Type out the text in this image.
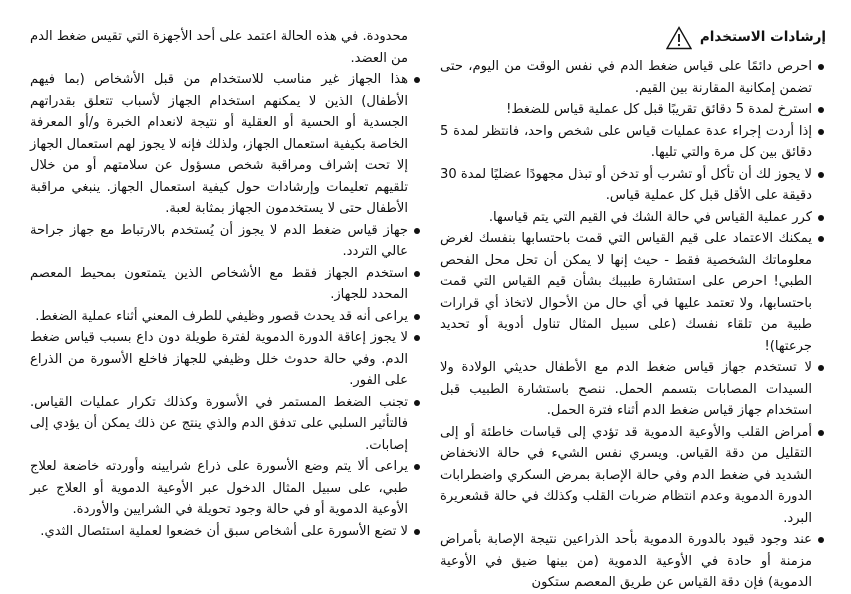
إرشادات الاستخدام
احرص دائمًا على قياس ضغط الدم في نفس الوقت من اليوم، حتى تضمن إمكانية المقارنة بين القيم.
استرخ لمدة 5 دقائق تقريبًا قبل كل عملية قياس للضغط!
إذا أردت إجراء عدة عمليات قياس على شخص واحد، فانتظر لمدة 5 دقائق بين كل مرة والتي تليها.
لا يجوز لك أن تأكل أو تشرب أو تدخن أو تبذل مجهودًا عضليًا لمدة 30 دقيقة على الأقل قبل كل عملية قياس.
كرر عملية القياس في حالة الشك في القيم التي يتم قياسها.
يمكنك الاعتماد على قيم القياس التي قمت باحتسابها بنفسك لغرض معلوماتك الشخصية فقط - حيث إنها لا يمكن أن تحل محل الفحص الطبي! احرص على استشارة طبيبك بشأن قيم القياس التي قمت باحتسابها، ولا تعتمد عليها في أي حال من الأحوال لاتخاذ أي قرارات طبية من تلقاء نفسك (على سبيل المثال تناول أدوية أو تحديد جرعتها)!
لا تستخدم جهاز قياس ضغط الدم مع الأطفال حديثي الولادة ولا السيدات المصابات بتسمم الحمل. ننصح باستشارة الطبيب قبل استخدام جهاز قياس ضغط الدم أثناء فترة الحمل.
أمراض القلب والأوعية الدموية قد تؤدي إلى قياسات خاطئة أو إلى التقليل من دقة القياس. ويسري نفس الشيء في حالة الانخفاض الشديد في ضغط الدم وفي حالة الإصابة بمرض السكري واضطرابات الدورة الدموية وعدم انتظام ضربات القلب وكذلك في حالة قشعريرة البرد.
عند وجود قيود بالدورة الدموية بأحد الذراعين نتيجة الإصابة بأمراض مزمنة أو حادة في الأوعية الدموية (من بينها ضيق في الأوعية الدموية) فإن دقة القياس عن طريق المعصم ستكون
محدودة. في هذه الحالة اعتمد على أحد الأجهزة التي تقيس ضغط الدم من العضد.
هذا الجهاز غير مناسب للاستخدام من قبل الأشخاص (بما فيهم الأطفال) الذين لا يمكنهم استخدام الجهاز لأسباب تتعلق بقدراتهم الجسدية أو الحسية أو العقلية أو نتيجة لانعدام الخبرة و/أو المعرفة الخاصة بكيفية استعمال الجهاز، ولذلك فإنه لا يجوز لهم استعمال الجهاز إلا تحت إشراف ومراقبة شخص مسؤول عن سلامتهم أو من خلال تلقيهم تعليمات وإرشادات حول كيفية استعمال الجهاز. ينبغي مراقبة الأطفال حتى لا يستخدمون الجهاز بمثابة لعبة.
جهاز قياس ضغط الدم لا يجوز أن يُستخدم بالارتباط مع جهاز جراحة عالي التردد.
استخدم الجهاز فقط مع الأشخاص الذين يتمتعون بمحيط المعصم المحدد للجهاز.
يراعى أنه قد يحدث قصور وظيفي للطرف المعني أثناء عملية الضغط.
لا يجوز إعاقة الدورة الدموية لفترة طويلة دون داع بسبب قياس ضغط الدم. وفي حالة حدوث خلل وظيفي للجهاز فاخلع الأسورة من الذراع على الفور.
تجنب الضغط المستمر في الأسورة وكذلك تكرار عمليات القياس. فالتأثير السلبي على تدفق الدم والذي ينتج عن ذلك يمكن أن يؤدي إلى إصابات.
يراعى ألا يتم وضع الأسورة على ذراع شرايينه وأوردته خاضعة لعلاج طبي، على سبيل المثال الدخول عبر الأوعية الدموية أو العلاج عبر الأوعية الدموية أو في حالة وجود تحويلة في الشرايين والأوردة.
لا تضع الأسورة على أشخاص سبق أن خضعوا لعملية استئصال الثدي.
